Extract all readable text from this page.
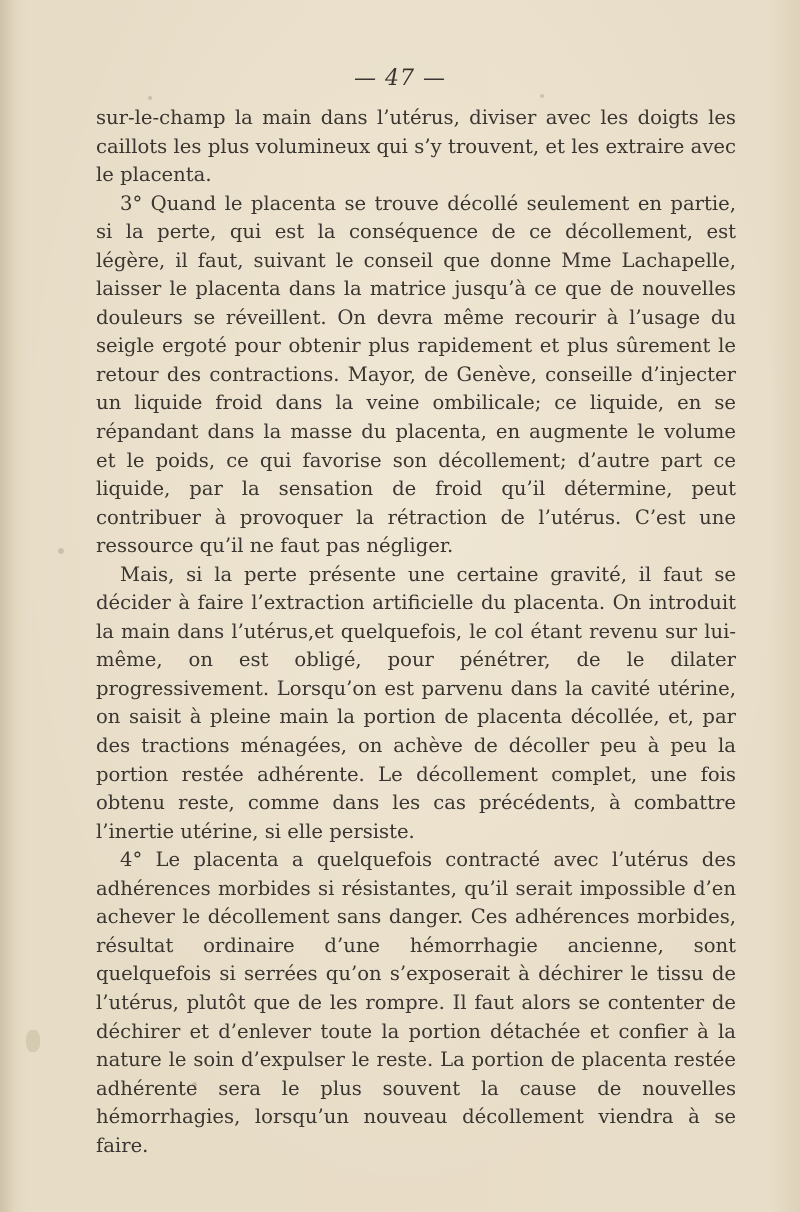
— 47 —

sur-le-champ la main dans l’utérus, diviser avec les doigts les caillots les plus volumineux qui s’y trouvent, et les extraire avec le placenta.

3° Quand le placenta se trouve décollé seulement en partie, si la perte, qui est la conséquence de ce décollement, est légère, il faut, suivant le conseil que donne Mme Lachapelle, laisser le placenta dans la matrice jusqu’à ce que de nouvelles douleurs se réveillent. On devra même recourir à l’usage du seigle ergoté pour obtenir plus rapidement et plus sûrement le retour des contractions. Mayor, de Genève, conseille d’injecter un liquide froid dans la veine ombilicale; ce liquide, en se répandant dans la masse du placenta, en augmente le volume et le poids, ce qui favorise son décollement; d’autre part ce liquide, par la sensation de froid qu’il détermine, peut contribuer à provoquer la rétraction de l’utérus. C’est une ressource qu’il ne faut pas négliger.

Mais, si la perte présente une certaine gravité, il faut se décider à faire l’extraction artificielle du placenta. On introduit la main dans l’utérus,et quelquefois, le col étant revenu sur lui-même, on est obligé, pour pénétrer, de le dilater progressivement. Lorsqu’on est parvenu dans la cavité utérine, on saisit à pleine main la portion de placenta décollée, et, par des tractions ménagées, on achève de décoller peu à peu la portion restée adhérente. Le décollement complet, une fois obtenu reste, comme dans les cas précédents, à combattre l’inertie utérine, si elle persiste.

4° Le placenta a quelquefois contracté avec l’utérus des adhérences morbides si résistantes, qu’il serait impossible d’en achever le décollement sans danger. Ces adhérences morbides, résultat ordinaire d’une hémorrhagie ancienne, sont quelquefois si serrées qu’on s’exposerait à déchirer le tissu de l’utérus, plutôt que de les rompre. Il faut alors se contenter de déchirer et d’enlever toute la portion détachée et confier à la nature le soin d’expulser le reste. La portion de placenta restée adhérente sera le plus souvent la cause de nouvelles hémorrhagies, lorsqu’un nouveau décollement viendra à se faire.
